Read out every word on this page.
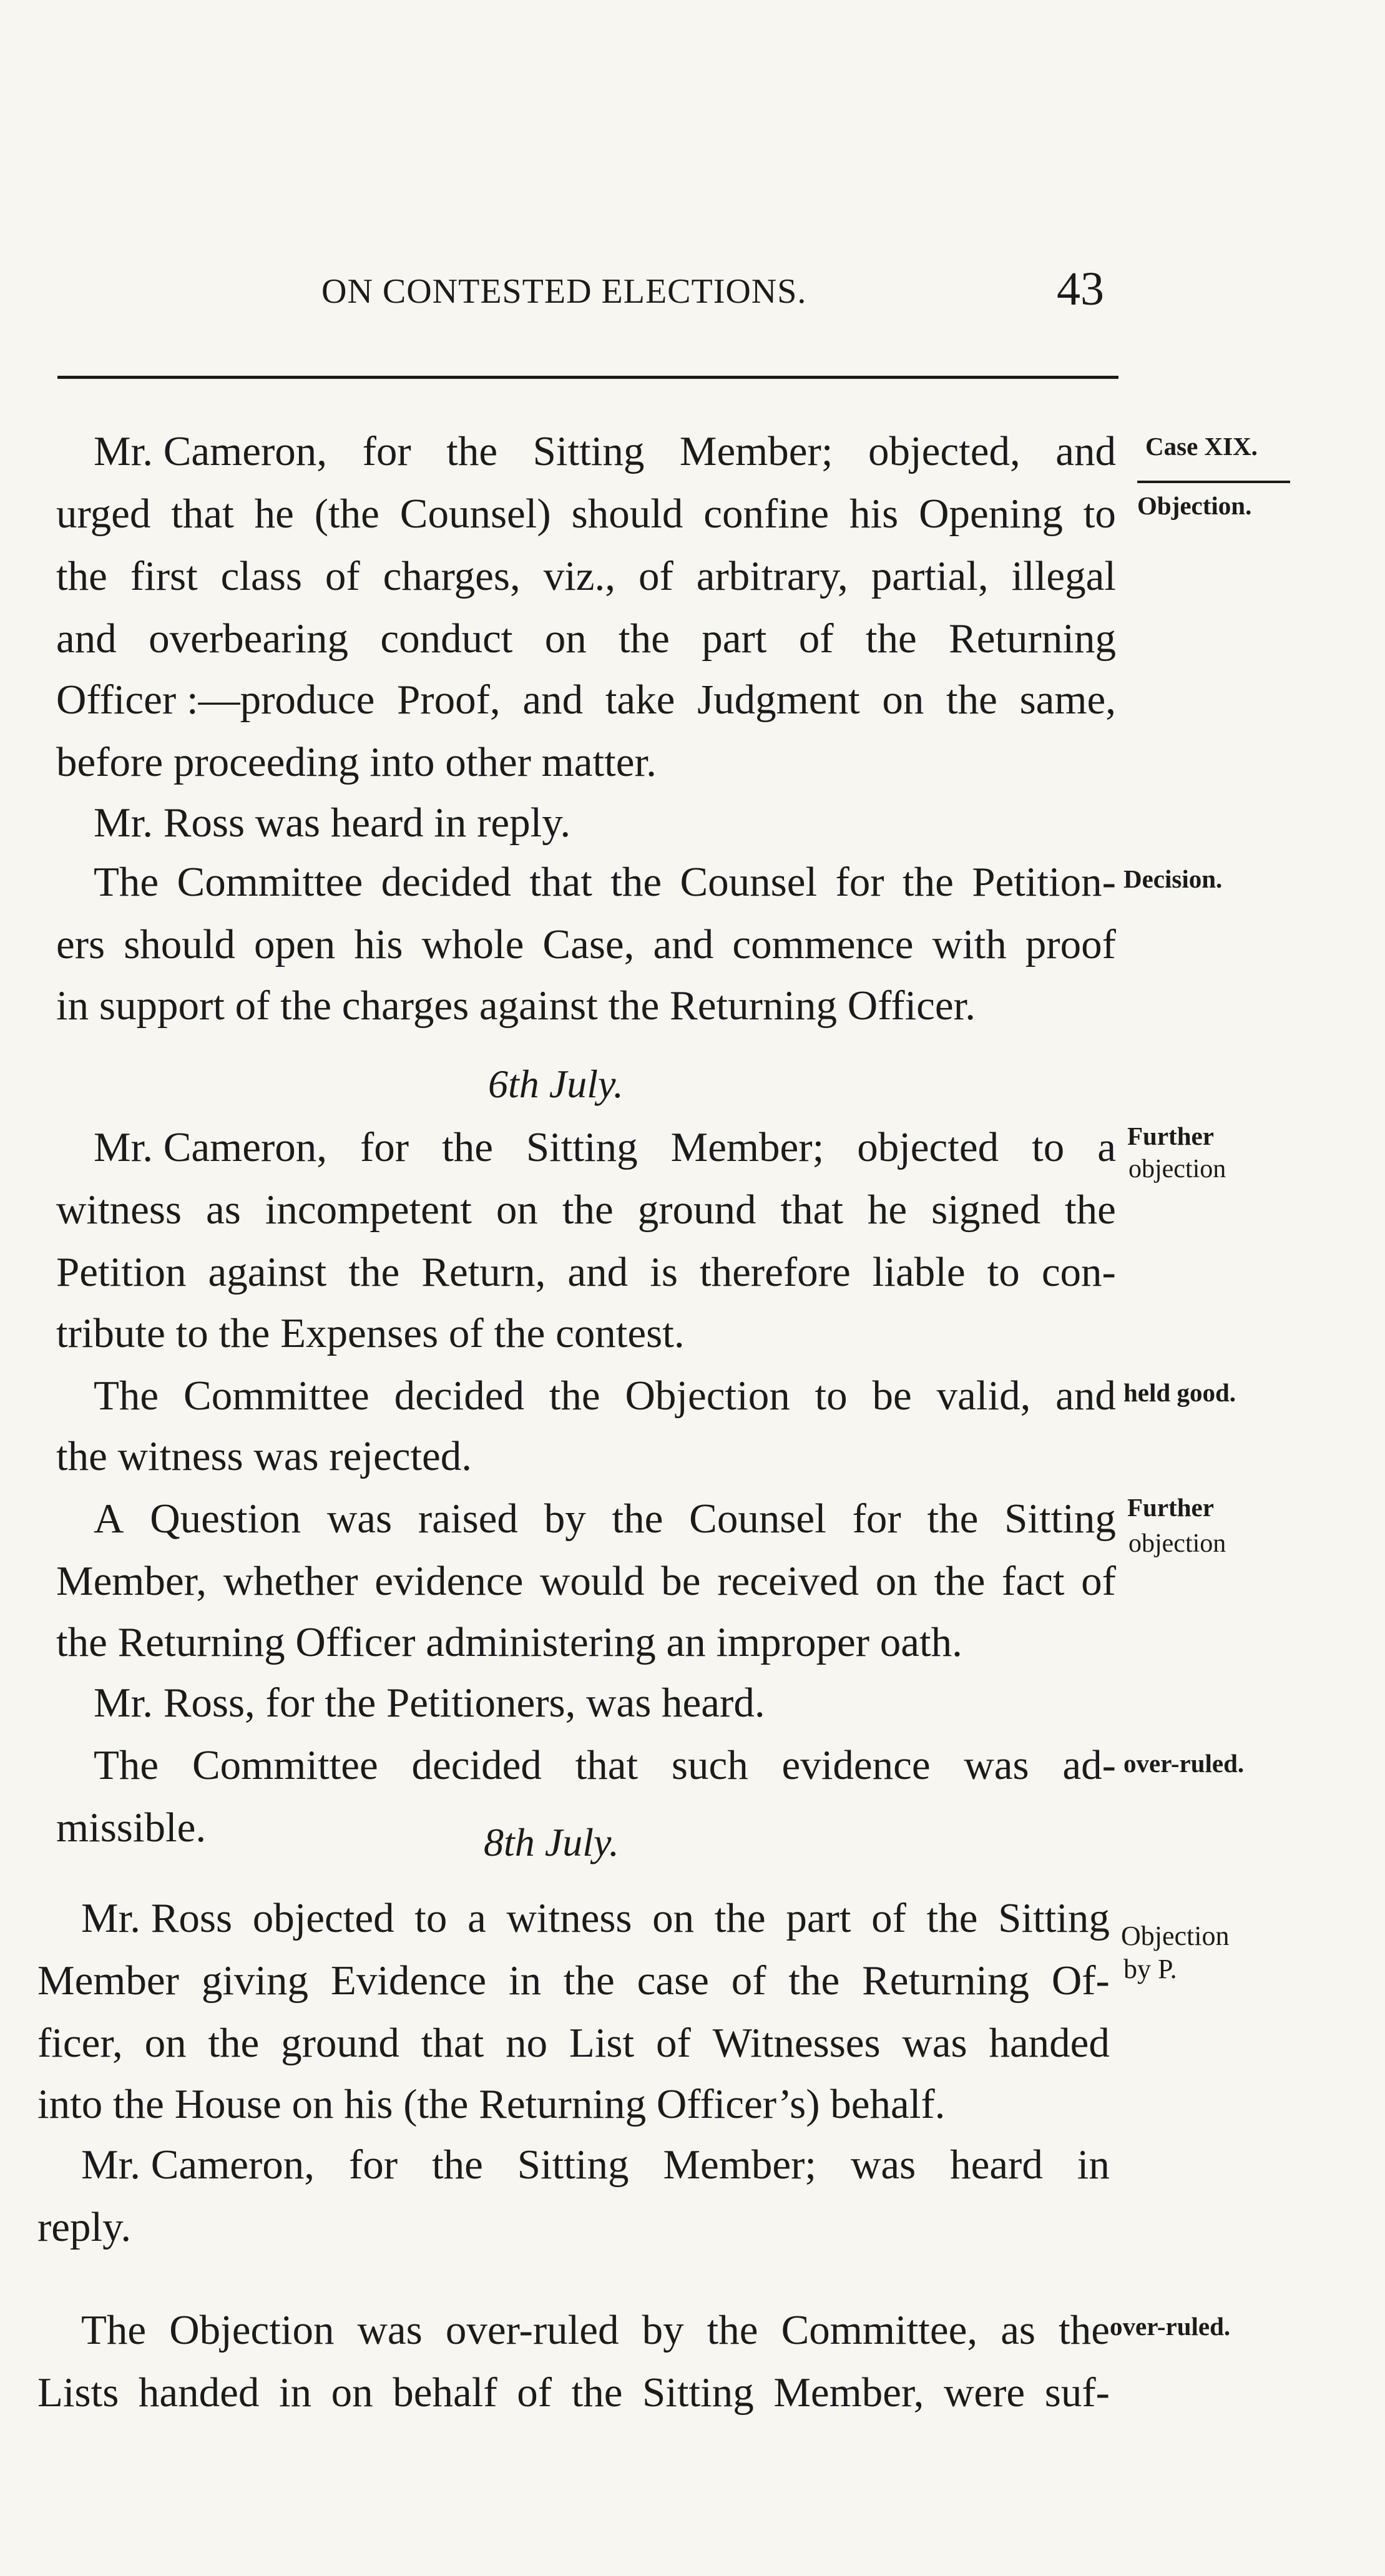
ON CONTESTED ELECTIONS.	43
Mr. Cameron, for the Sitting Member; objected, and
urged that he (the Counsel) should confine his Opening to
the first class of charges, viz., of arbitrary, partial, illegal
and overbearing conduct on the part of the Returning
Officer :—produce Proof, and take Judgment on the same,
before proceeding into other matter.
Mr. Ross was heard in reply.
The Committee decided that the Counsel for the Petition-
ers should open his whole Case, and commence with proof
in support of the charges against the Returning Officer.
Mr. Cameron, for the Sitting Member; objected to a
witness as incompetent on the ground that he signed the
Petition against the Return, and is therefore liable to con-
tribute to the Expenses of the contest.
The Committee decided the Objection to be valid, and
the witness was rejected.
A Question was raised by the Counsel for the Sitting
Member, whether evidence would be received on the fact of
the Returning Officer administering an improper oath.
Mr. Ross, for the Petitioners, was heard.
The Committee decided that such evidence was ad-
missible.
Mr. Ross objected to a witness on the part of the Sitting
Member giving Evidence in the case of the Returning Of-
ficer, on the ground that no List of Witnesses was handed
into the House on his (the Returning Officer’s) behalf.
Mr. Cameron, for the Sitting Member; was heard in
reply.
The Objection was over-ruled by the Committee, as the
Lists handed in on behalf of the Sitting Member, were suf-
6th July.
8th July.
Case XIX.
Objection.
Decision.
Further
objection
held good.
Further
objection
over-ruled.
Objection
by P.
over-ruled.
